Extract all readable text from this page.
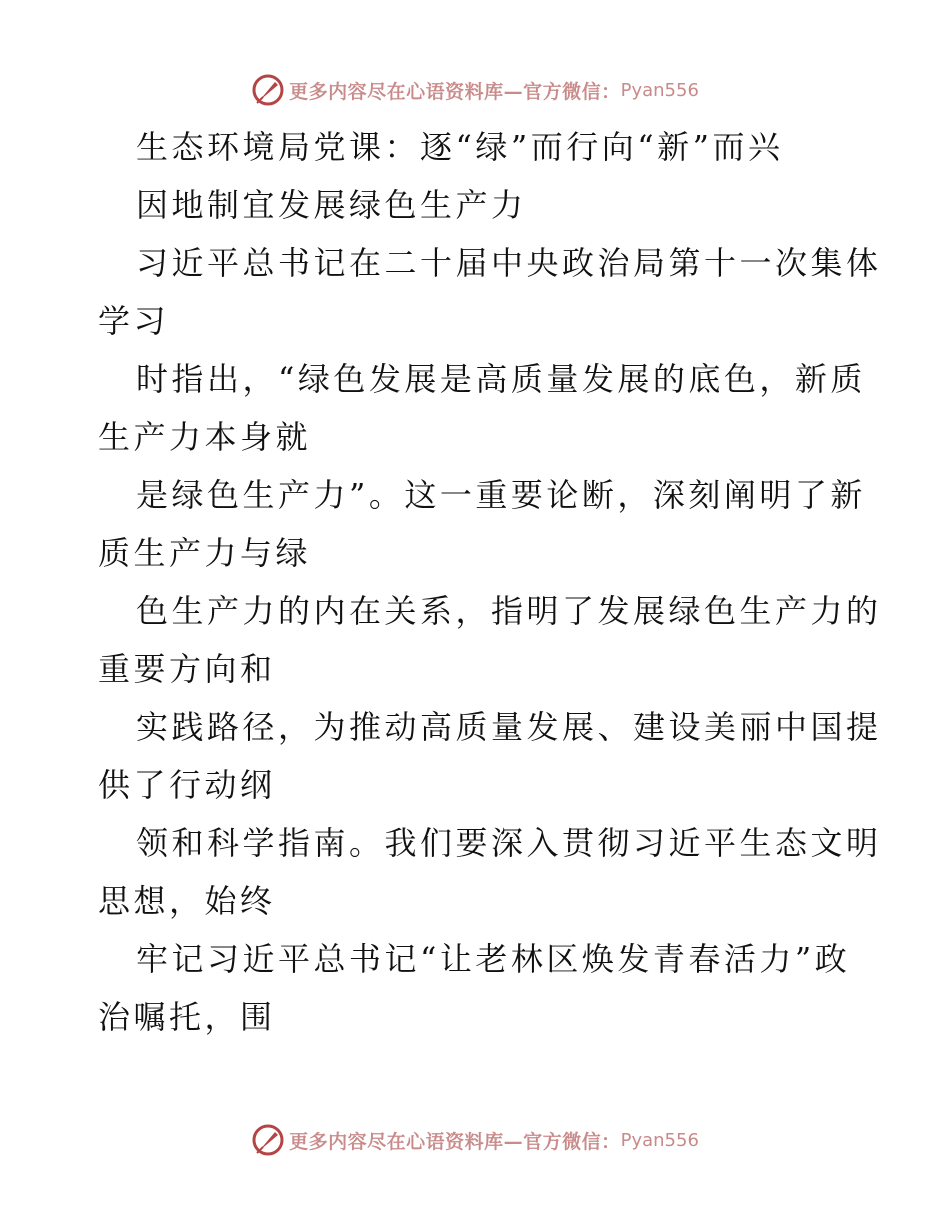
更多内容尽在心语资料库—官方微信： Pyan556
生态环境局党课：逐“绿”而行向“新”而兴
因地制宜发展绿色生产力
习近平总书记在二十届中央政治局第十一次集体
学习
时指出，“绿色发展是高质量发展的底色，新质
生产力本身就
是绿色生产力”。这一重要论断，深刻阐明了新
质生产力与绿
色生产力的内在关系，指明了发展绿色生产力的
重要方向和
实践路径，为推动高质量发展、建设美丽中国提
供了行动纲
领和科学指南。我们要深入贯彻习近平生态文明
思想，始终
牢记习近平总书记“让老林区焕发青春活力”政
治嘱托，围
更多内容尽在心语资料库—官方微信： Pyan556
